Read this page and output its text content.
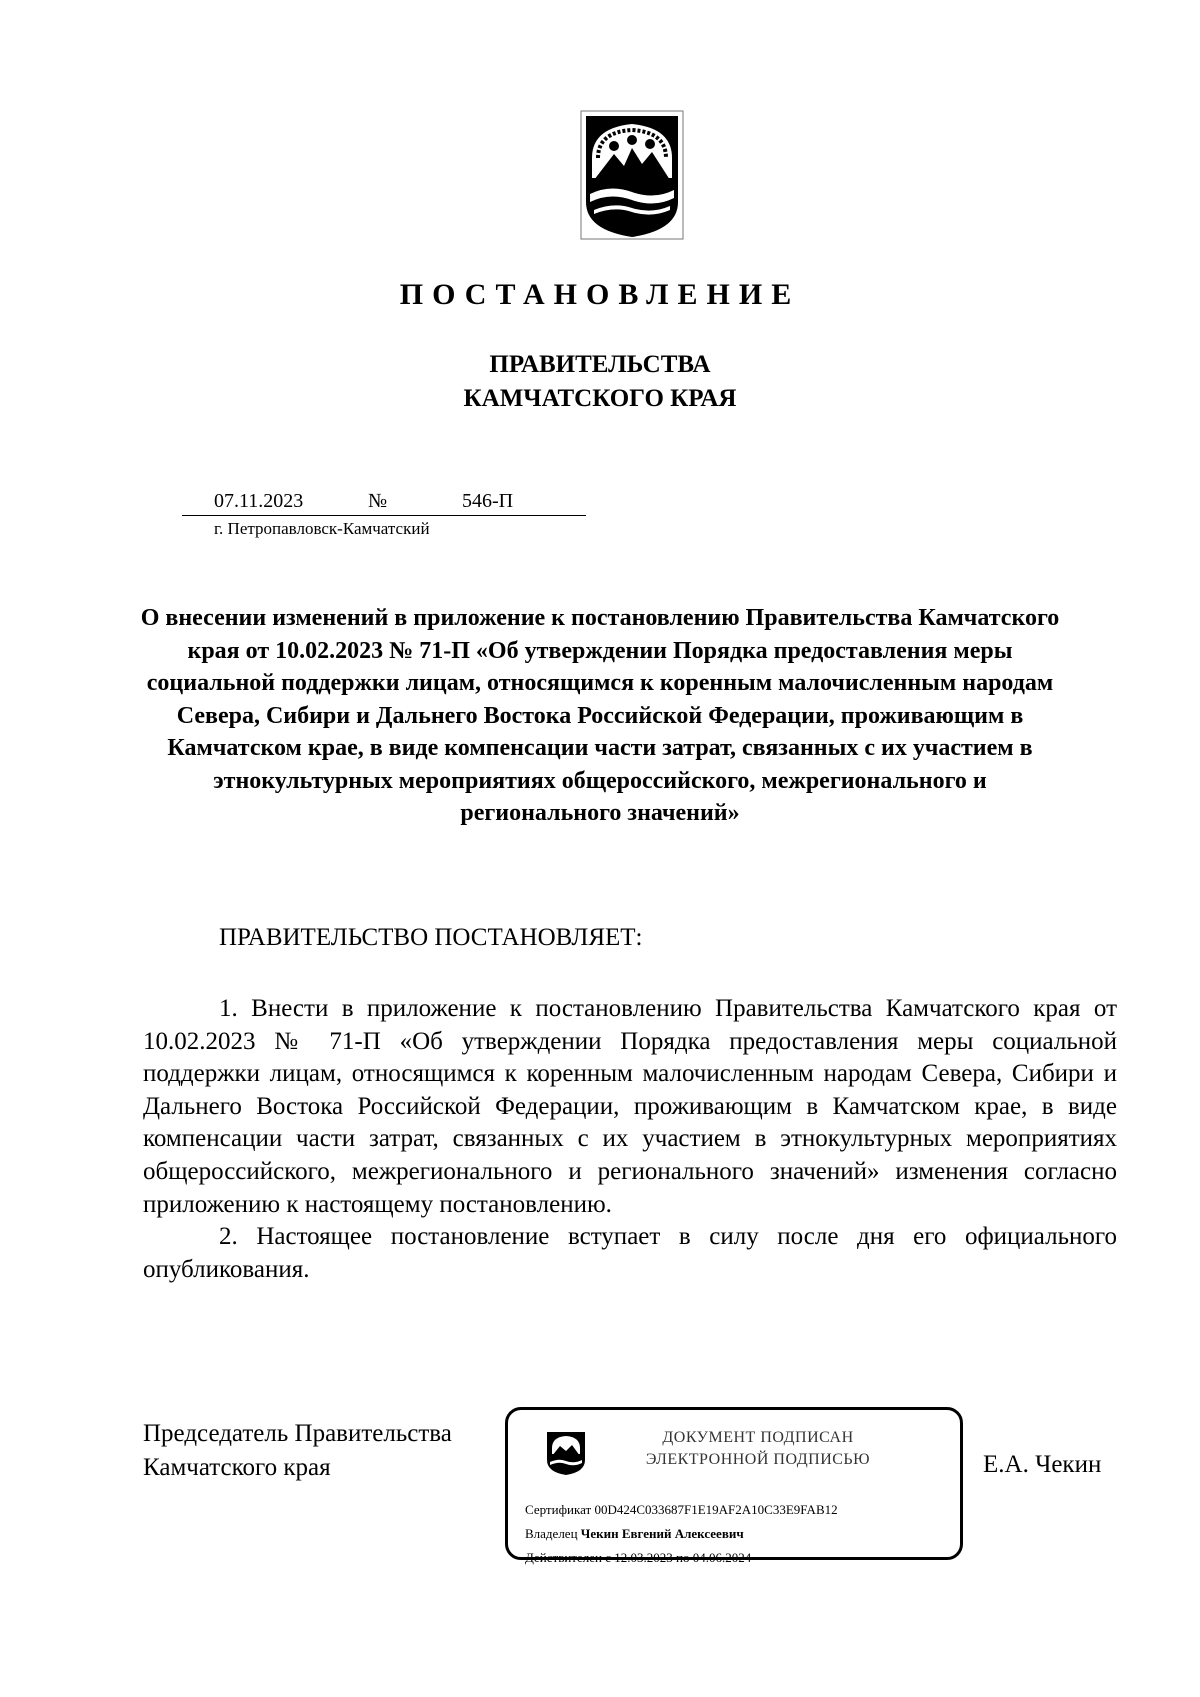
ПОСТАНОВЛЕНИЕ
ПРАВИТЕЛЬСТВА
КАМЧАТСКОГО КРАЯ
07.11.2023	№	546-П
г. Петропавловск-Камчатский
О внесении изменений в приложение к постановлению Правительства Камчатского края от 10.02.2023 № 71-П «Об утверждении Порядка предоставления меры социальной поддержки лицам, относящимся к коренным малочисленным народам Севера, Сибири и Дальнего Востока Российской Федерации, проживающим в Камчатском крае, в виде компенсации части затрат, связанных с их участием в этнокультурных мероприятиях общероссийского, межрегионального и регионального значений»
ПРАВИТЕЛЬСТВО ПОСТАНОВЛЯЕТ:

1. Внести в приложение к постановлению Правительства Камчатского края от 10.02.2023 № 71-П «Об утверждении Порядка предоставления меры социальной поддержки лицам, относящимся к коренным малочисленным народам Севера, Сибири и Дальнего Востока Российской Федерации, проживающим в Камчатском крае, в виде компенсации части затрат, связанных с их участием в этнокультурных мероприятиях общероссийского, межрегионального и регионального значений» изменения согласно приложению к настоящему постановлению.

2. Настоящее постановление вступает в силу после дня его официального опубликования.

Председатель Правительства
Камчатского края
ДОКУМЕНТ ПОДПИСАН
ЭЛЕКТРОННОЙ ПОДПИСЬЮ
Сертификат 00D424C033687F1E19AF2A10C33E9FAB12
Владелец Чекин Евгений Алексеевич
Действителен с 12.03.2023 по 04.06.2024
Е.А. Чекин
